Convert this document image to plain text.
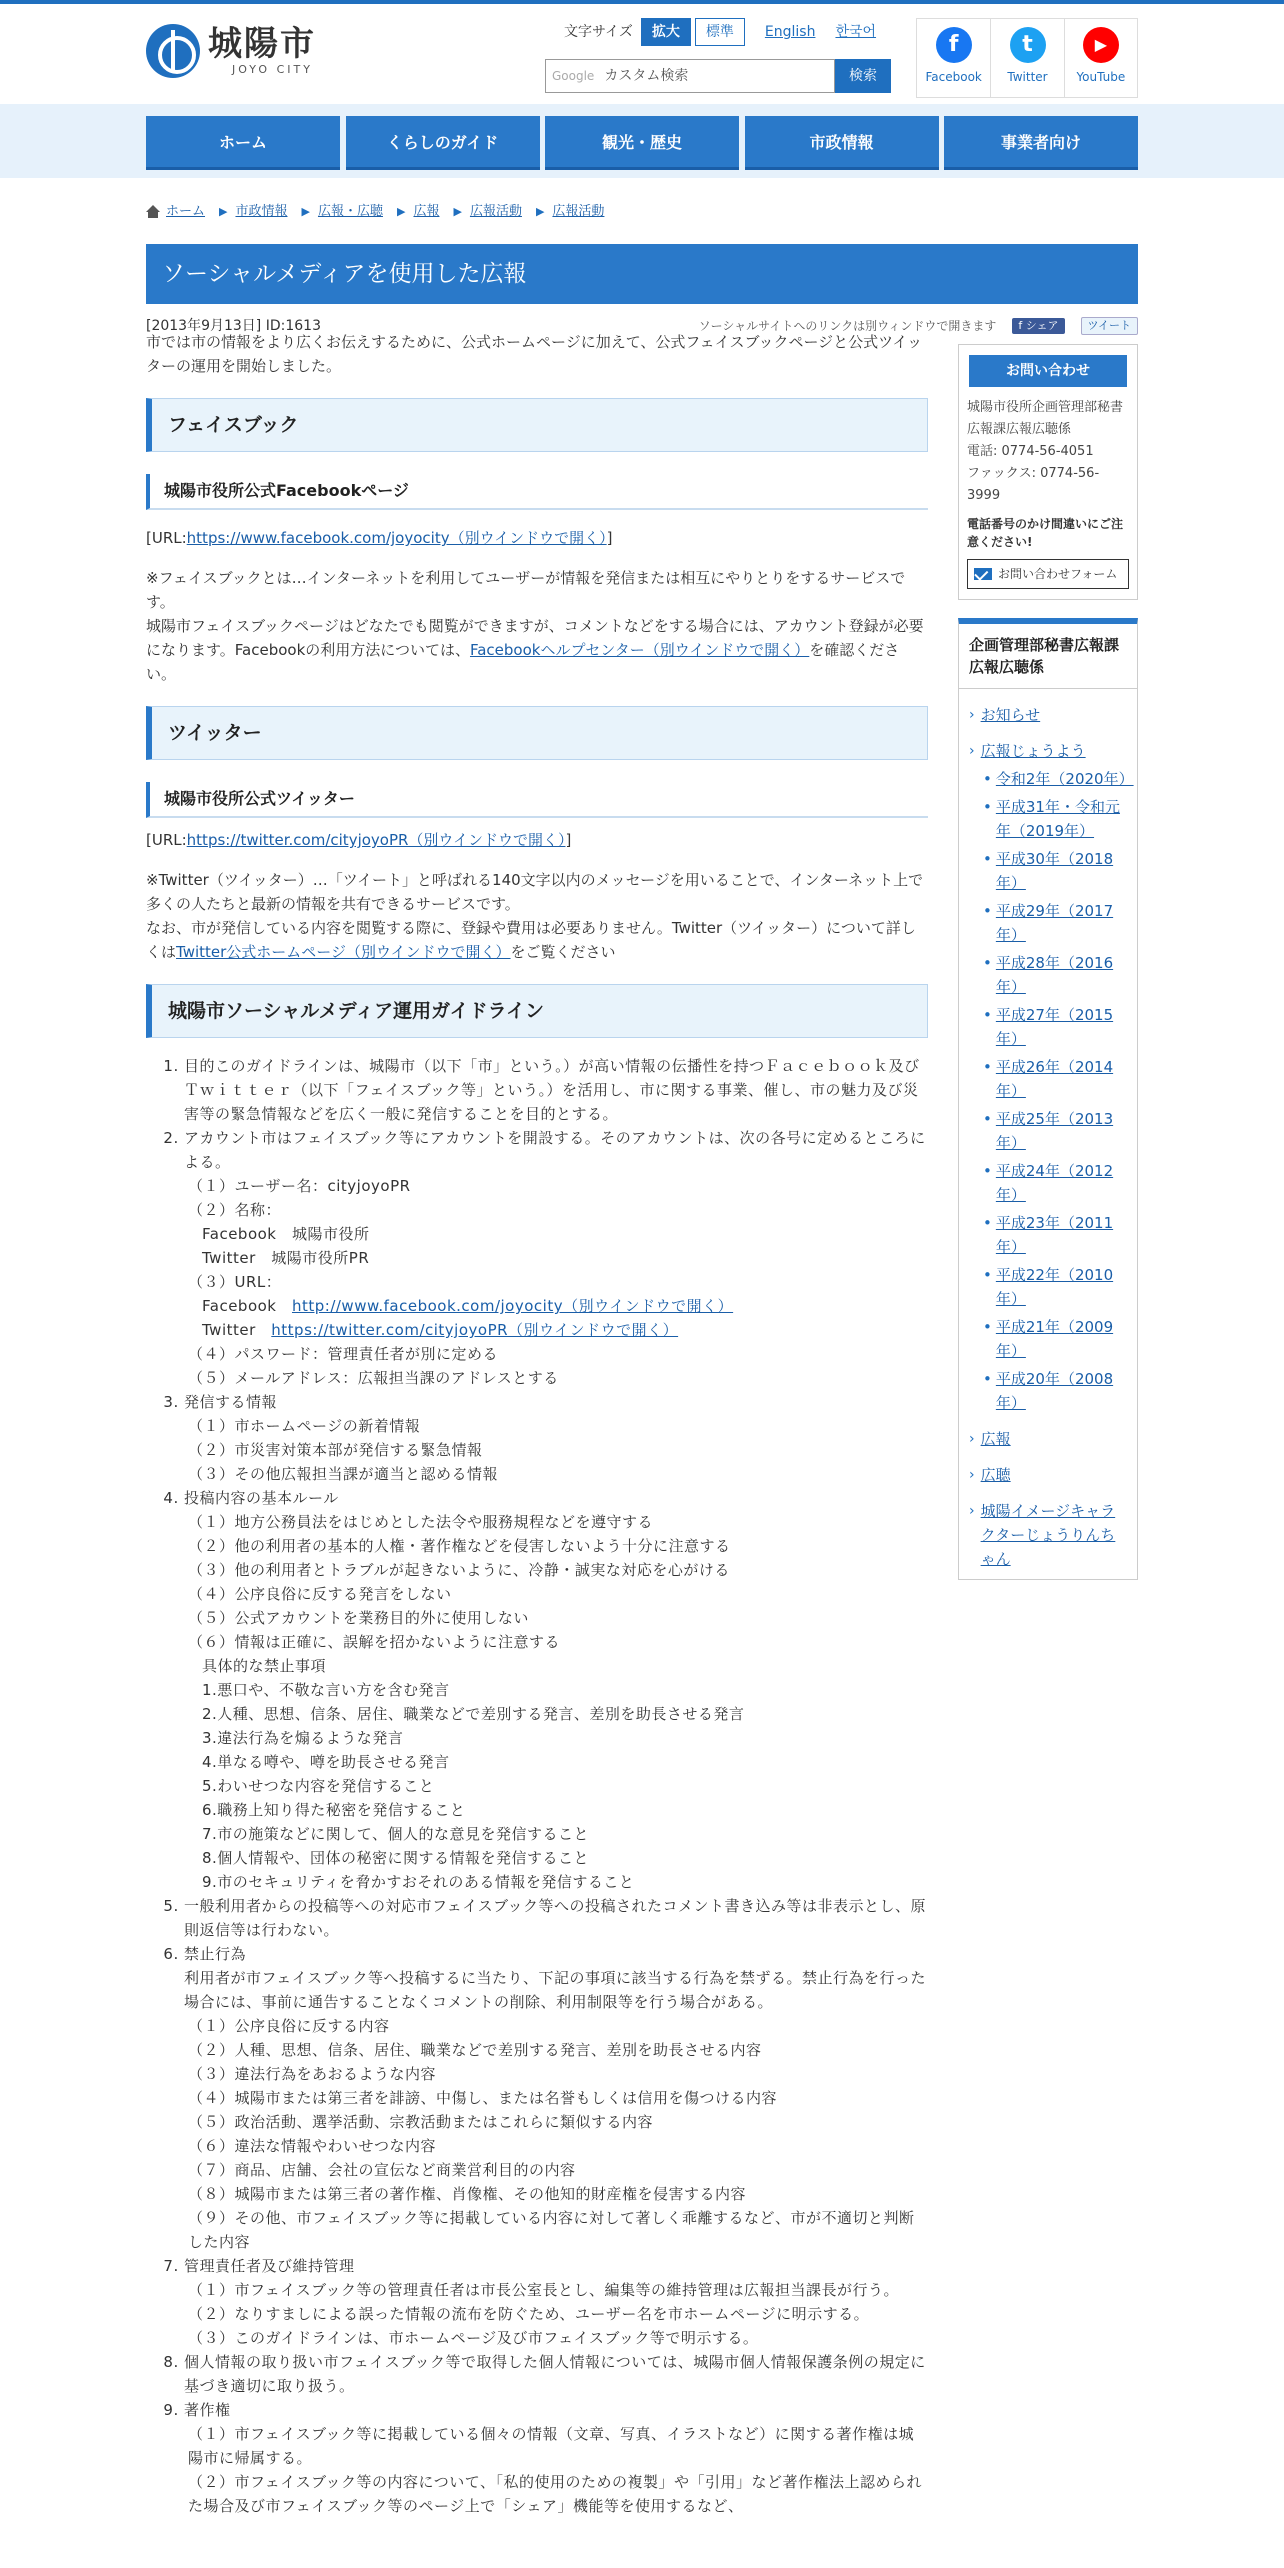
城陽市
JOYO CITY
文字サイズ	拡大	標準	English 한국어
Google カスタム検索	検索
f
Facebook
t
Twitter
▶
YouTube
ホーム	くらしのガイド	観光・歴史	市政情報	事業者向け
ホーム ▶ 市政情報 ▶ 広報・広聴 ▶ 広報 ▶ 広報活動 ▶ 広報活動
ソーシャルメディアを使用した広報
[2013年9月13日] ID:1613	ソーシャルサイトへのリンクは別ウィンドウで開きます	f シェア	ツイート

市では市の情報をより広くお伝えするために、公式ホームページに加えて、公式フェイスブックページと公式ツイッターの運用を開始しました。

フェイスブック
城陽市役所公式Facebookページ

[URL:https://www.facebook.com/joyocity（別ウインドウで開く）]

※フェイスブックとは…インターネットを利用してユーザーが情報を発信または相互にやりとりをするサービスです。

城陽市フェイスブックページはどなたでも閲覧ができますが、コメントなどをする場合には、アカウント登録が必要になります。Facebookの利用方法については、Facebookヘルプセンター（別ウインドウで開く）を確認ください。

ツイッター
城陽市役所公式ツイッター

[URL:https://twitter.com/cityjoyoPR（別ウインドウで開く）]

※Twitter（ツイッター）…「ツイート」と呼ばれる140文字以内のメッセージを用いることで、インターネット上で多くの人たちと最新の情報を共有できるサービスです。

なお、市が発信している内容を閲覧する際に、登録や費用は必要ありません。Twitter（ツイッター）について詳しくはTwitter公式ホームページ（別ウインドウで開く）をご覧ください

城陽市ソーシャルメディア運用ガイドライン
1. 目的このガイドラインは、城陽市（以下「市」という。）が高い情報の伝播性を持つＦａｃｅｂｏｏｋ及びＴｗｉｔｔｅｒ（以下「フェイスブック等」という。）を活用し、市に関する事業、催し、市の魅力及び災害等の緊急情報などを広く一般に発信することを目的とする。
2. アカウント市はフェイスブック等にアカウントを開設する。そのアカウントは、次の各号に定めるところによる。
（１）ユーザー名：cityjoyoPR
（２）名称：
Facebook　城陽市役所
Twitter　城陽市役所PR
（３）URL：
Facebook　http://www.facebook.com/joyocity（別ウインドウで開く）
Twitter　https://twitter.com/cityjoyoPR（別ウインドウで開く）
（４）パスワード：管理責任者が別に定める
（５）メールアドレス：広報担当課のアドレスとする
3. 発信する情報
（１）市ホームページの新着情報
（２）市災害対策本部が発信する緊急情報
（３）その他広報担当課が適当と認める情報
4. 投稿内容の基本ルール
（１）地方公務員法をはじめとした法令や服務規程などを遵守する
（２）他の利用者の基本的人権・著作権などを侵害しないよう十分に注意する
（３）他の利用者とトラブルが起きないように、冷静・誠実な対応を心がける
（４）公序良俗に反する発言をしない
（５）公式アカウントを業務目的外に使用しない
（６）情報は正確に、誤解を招かないように注意する
具体的な禁止事項
1.悪口や、不敬な言い方を含む発言
2.人種、思想、信条、居住、職業などで差別する発言、差別を助長させる発言
3.違法行為を煽るような発言
4.単なる噂や、噂を助長させる発言
5.わいせつな内容を発信すること
6.職務上知り得た秘密を発信すること
7.市の施策などに関して、個人的な意見を発信すること
8.個人情報や、団体の秘密に関する情報を発信すること
9.市のセキュリティを脅かすおそれのある情報を発信すること
5. 一般利用者からの投稿等への対応市フェイスブック等への投稿されたコメント書き込み等は非表示とし、原則返信等は行わない。
6. 禁止行為
利用者が市フェイスブック等へ投稿するに当たり、下記の事項に該当する行為を禁ずる。禁止行為を行った場合には、事前に通告することなくコメントの削除、利用制限等を行う場合がある。
（１）公序良俗に反する内容
（２）人種、思想、信条、居住、職業などで差別する発言、差別を助長させる内容
（３）違法行為をあおるような内容
（４）城陽市または第三者を誹謗、中傷し、または名誉もしくは信用を傷つける内容
（５）政治活動、選挙活動、宗教活動またはこれらに類似する内容
（６）違法な情報やわいせつな内容
（７）商品、店舗、会社の宣伝など商業営利目的の内容
（８）城陽市または第三者の著作権、肖像権、その他知的財産権を侵害する内容
（９）その他、市フェイスブック等に掲載している内容に対して著しく乖離するなど、市が不適切と判断した内容
7. 管理責任者及び維持管理
（１）市フェイスブック等の管理責任者は市長公室長とし、編集等の維持管理は広報担当課長が行う。
（２）なりすましによる誤った情報の流布を防ぐため、ユーザー名を市ホームページに明示する。
（３）このガイドラインは、市ホームページ及び市フェイスブック等で明示する。
8. 個人情報の取り扱い市フェイスブック等で取得した個人情報については、城陽市個人情報保護条例の規定に基づき適切に取り扱う。
9. 著作権
（１）市フェイスブック等に掲載している個々の情報（文章、写真、イラストなど）に関する著作権は城陽市に帰属する。
（２）市フェイスブック等の内容について、「私的使用のための複製」や「引用」など著作権法上認められた場合及び市フェイスブック等のページ上で「シェア」機能等を使用するなど、
お問い合わせ
城陽市役所企画管理部秘書広報課広報広聴係
電話: 0774-56-4051
ファックス: 0774-56-3999
電話番号のかけ間違いにご注意ください!
お問い合わせフォーム
企画管理部秘書広報課広報広聴係
› お知らせ
› 広報じょうよう
• 令和2年（2020年）
• 平成31年・令和元年（2019年）
• 平成30年（2018年）
• 平成29年（2017年）
• 平成28年（2016年）
• 平成27年（2015年）
• 平成26年（2014年）
• 平成25年（2013年）
• 平成24年（2012年）
• 平成23年（2011年）
• 平成22年（2010年）
• 平成21年（2009年）
• 平成20年（2008年）
› 広報
› 広聴
› 城陽イメージキャラクターじょうりんちゃん
